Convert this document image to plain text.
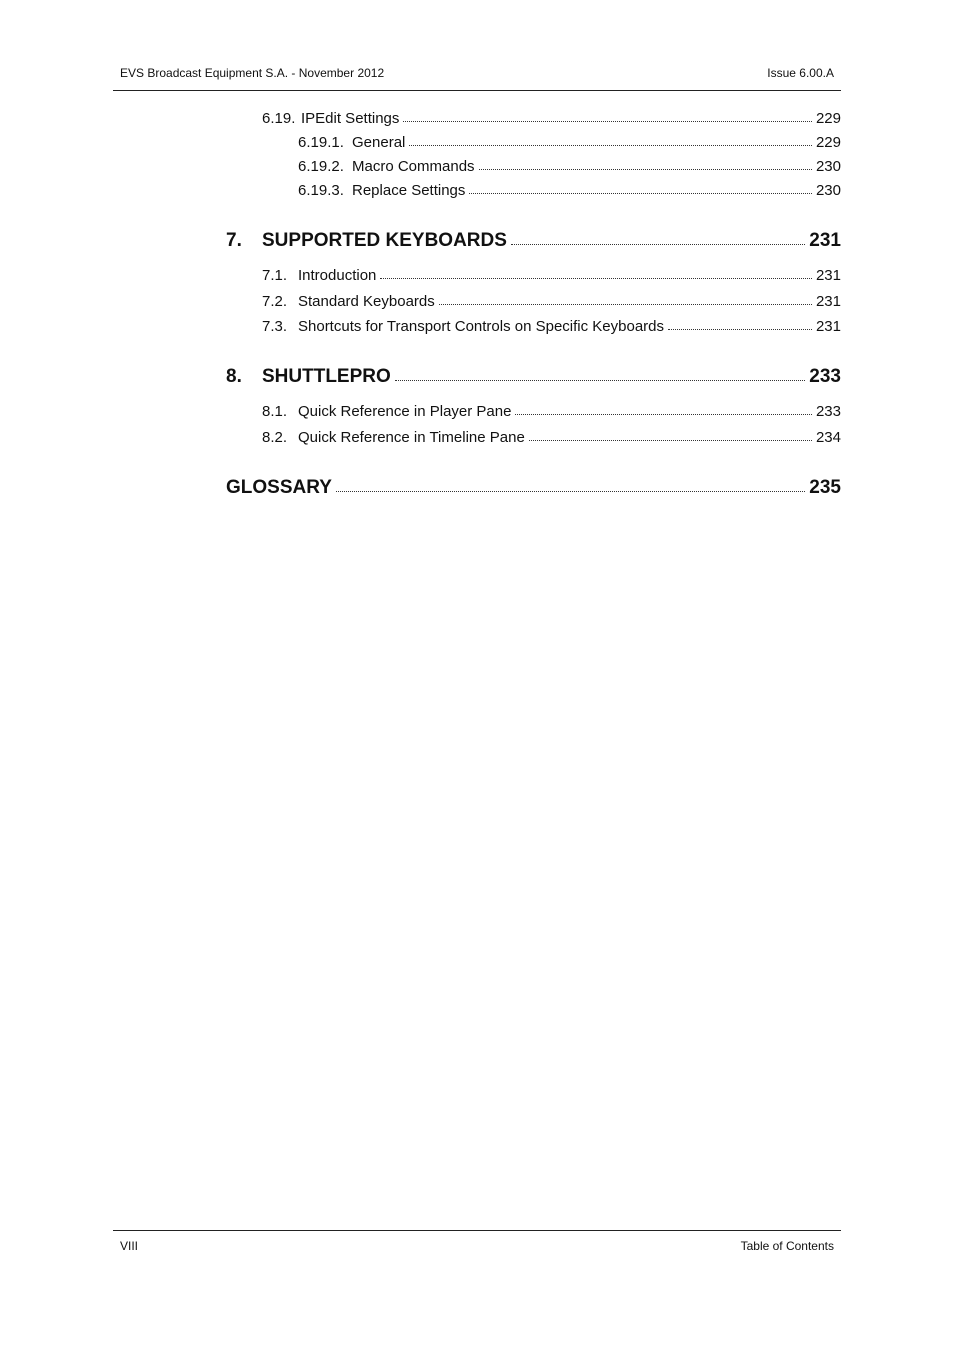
EVS Broadcast Equipment S.A. - November 2012	Issue 6.00.A
6.19. IPEdit Settings	229
6.19.1. General	229
6.19.2. Macro Commands	230
6.19.3. Replace Settings	230
7.	SUPPORTED KEYBOARDS	231
7.1. Introduction	231
7.2. Standard Keyboards	231
7.3. Shortcuts for Transport Controls on Specific Keyboards	231
8.	SHUTTLEPRO	233
8.1. Quick Reference in Player Pane	233
8.2. Quick Reference in Timeline Pane	234
GLOSSARY	235
VIII	Table of Contents
